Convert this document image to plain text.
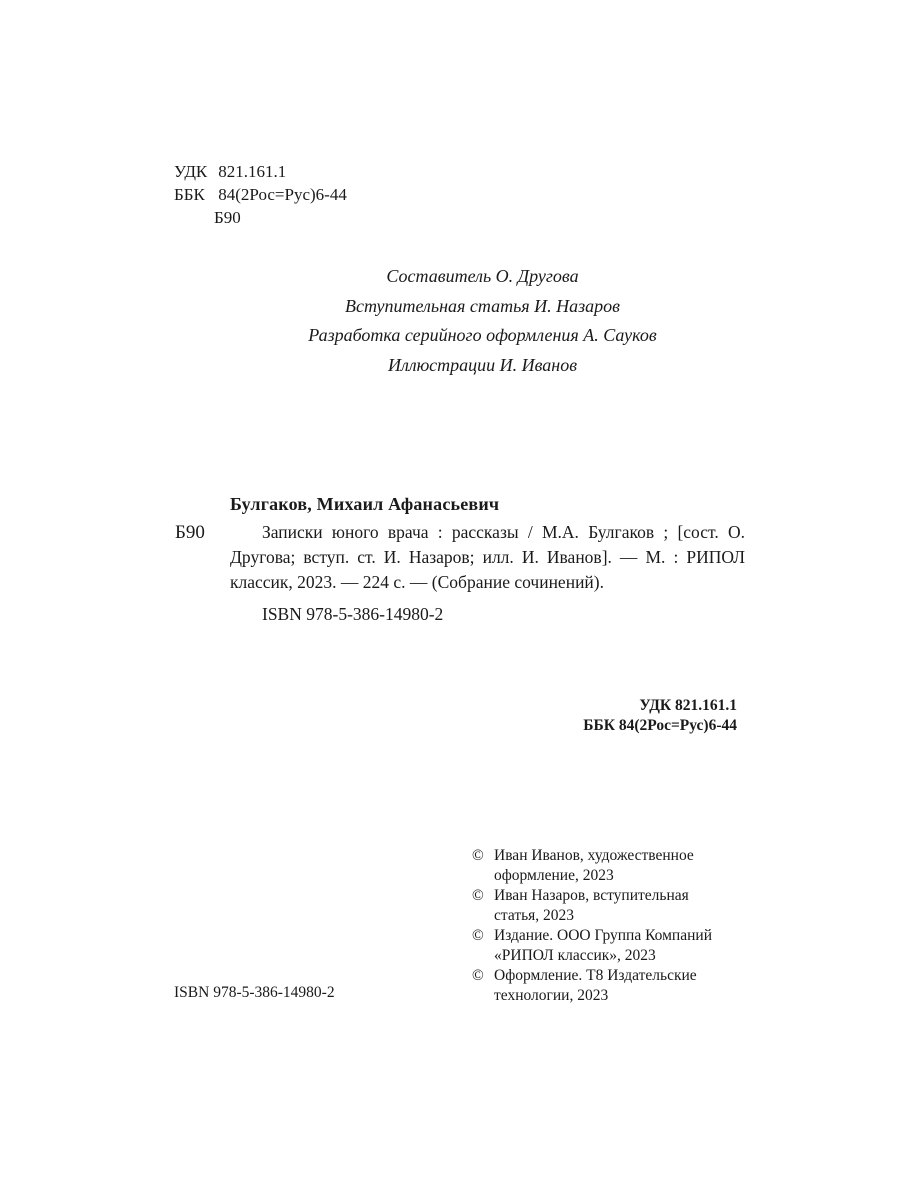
УДК 821.161.1
ББК 84(2Рос=Рус)6-44
Б90
Составитель О. Другова
Вступительная статья И. Назаров
Разработка серийного оформления А. Сауков
Иллюстрации И. Иванов
Булгаков, Михаил Афанасьевич
Б90	Записки юного врача : рассказы / М.А. Булгаков ; [сост. О. Другова; вступ. ст. И. Назаров; илл. И. Иванов]. — М. : РИПОЛ классик, 2023. — 224 с. — (Собрание сочинений).
ISBN 978-5-386-14980-2
УДК 821.161.1
ББК 84(2Рос=Рус)6-44
© Иван Иванов, художественное
оформление, 2023
© Иван Назаров, вступительная
статья, 2023
© Издание. ООО Группа Компаний
«РИПОЛ классик», 2023
© Оформление. Т8 Издательские
технологии, 2023
ISBN 978-5-386-14980-2
